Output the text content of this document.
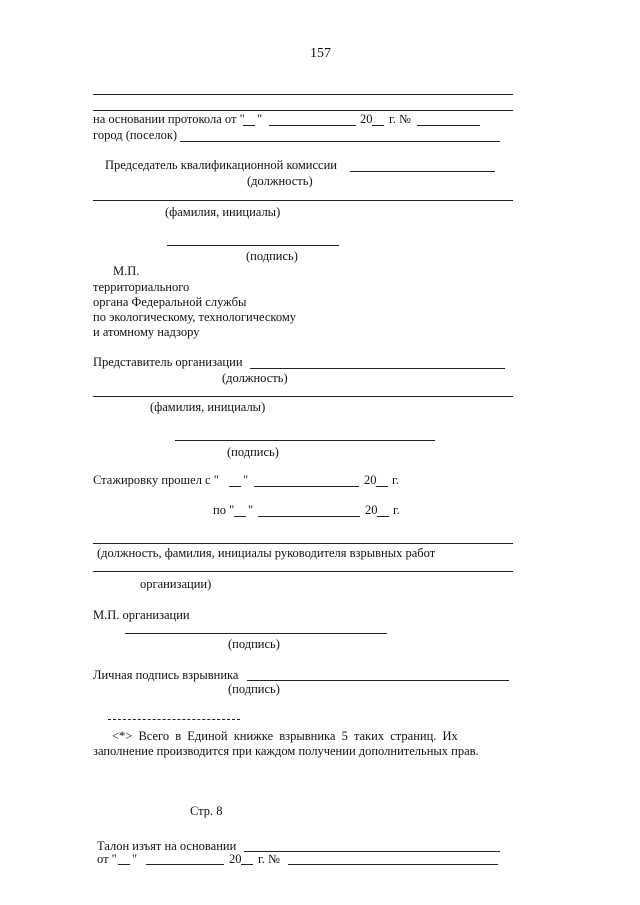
157
на основании протокола от " "	20 г. №
город (поселок)
Председатель квалификационной комиссии
(должность)
(фамилия, инициалы)
(подпись)
М.П.
территориального
органа Федеральной службы
по экологическому, технологическому
и атомному надзору
Представитель организации
(должность)
(фамилия, инициалы)
(подпись)
Стажировку прошел с " "	20 г.
по " "	20 г.
(должность, фамилия, инициалы руководителя взрывных работ
организации)
М.П. организации
(подпись)
Личная подпись взрывника
(подпись)
<*> Всего в Единой книжке взрывника 5 таких страниц. Их
заполнение производится при каждом получении дополнительных прав.
Стр. 8
Талон изъят на основании
от " "	20 г. №
